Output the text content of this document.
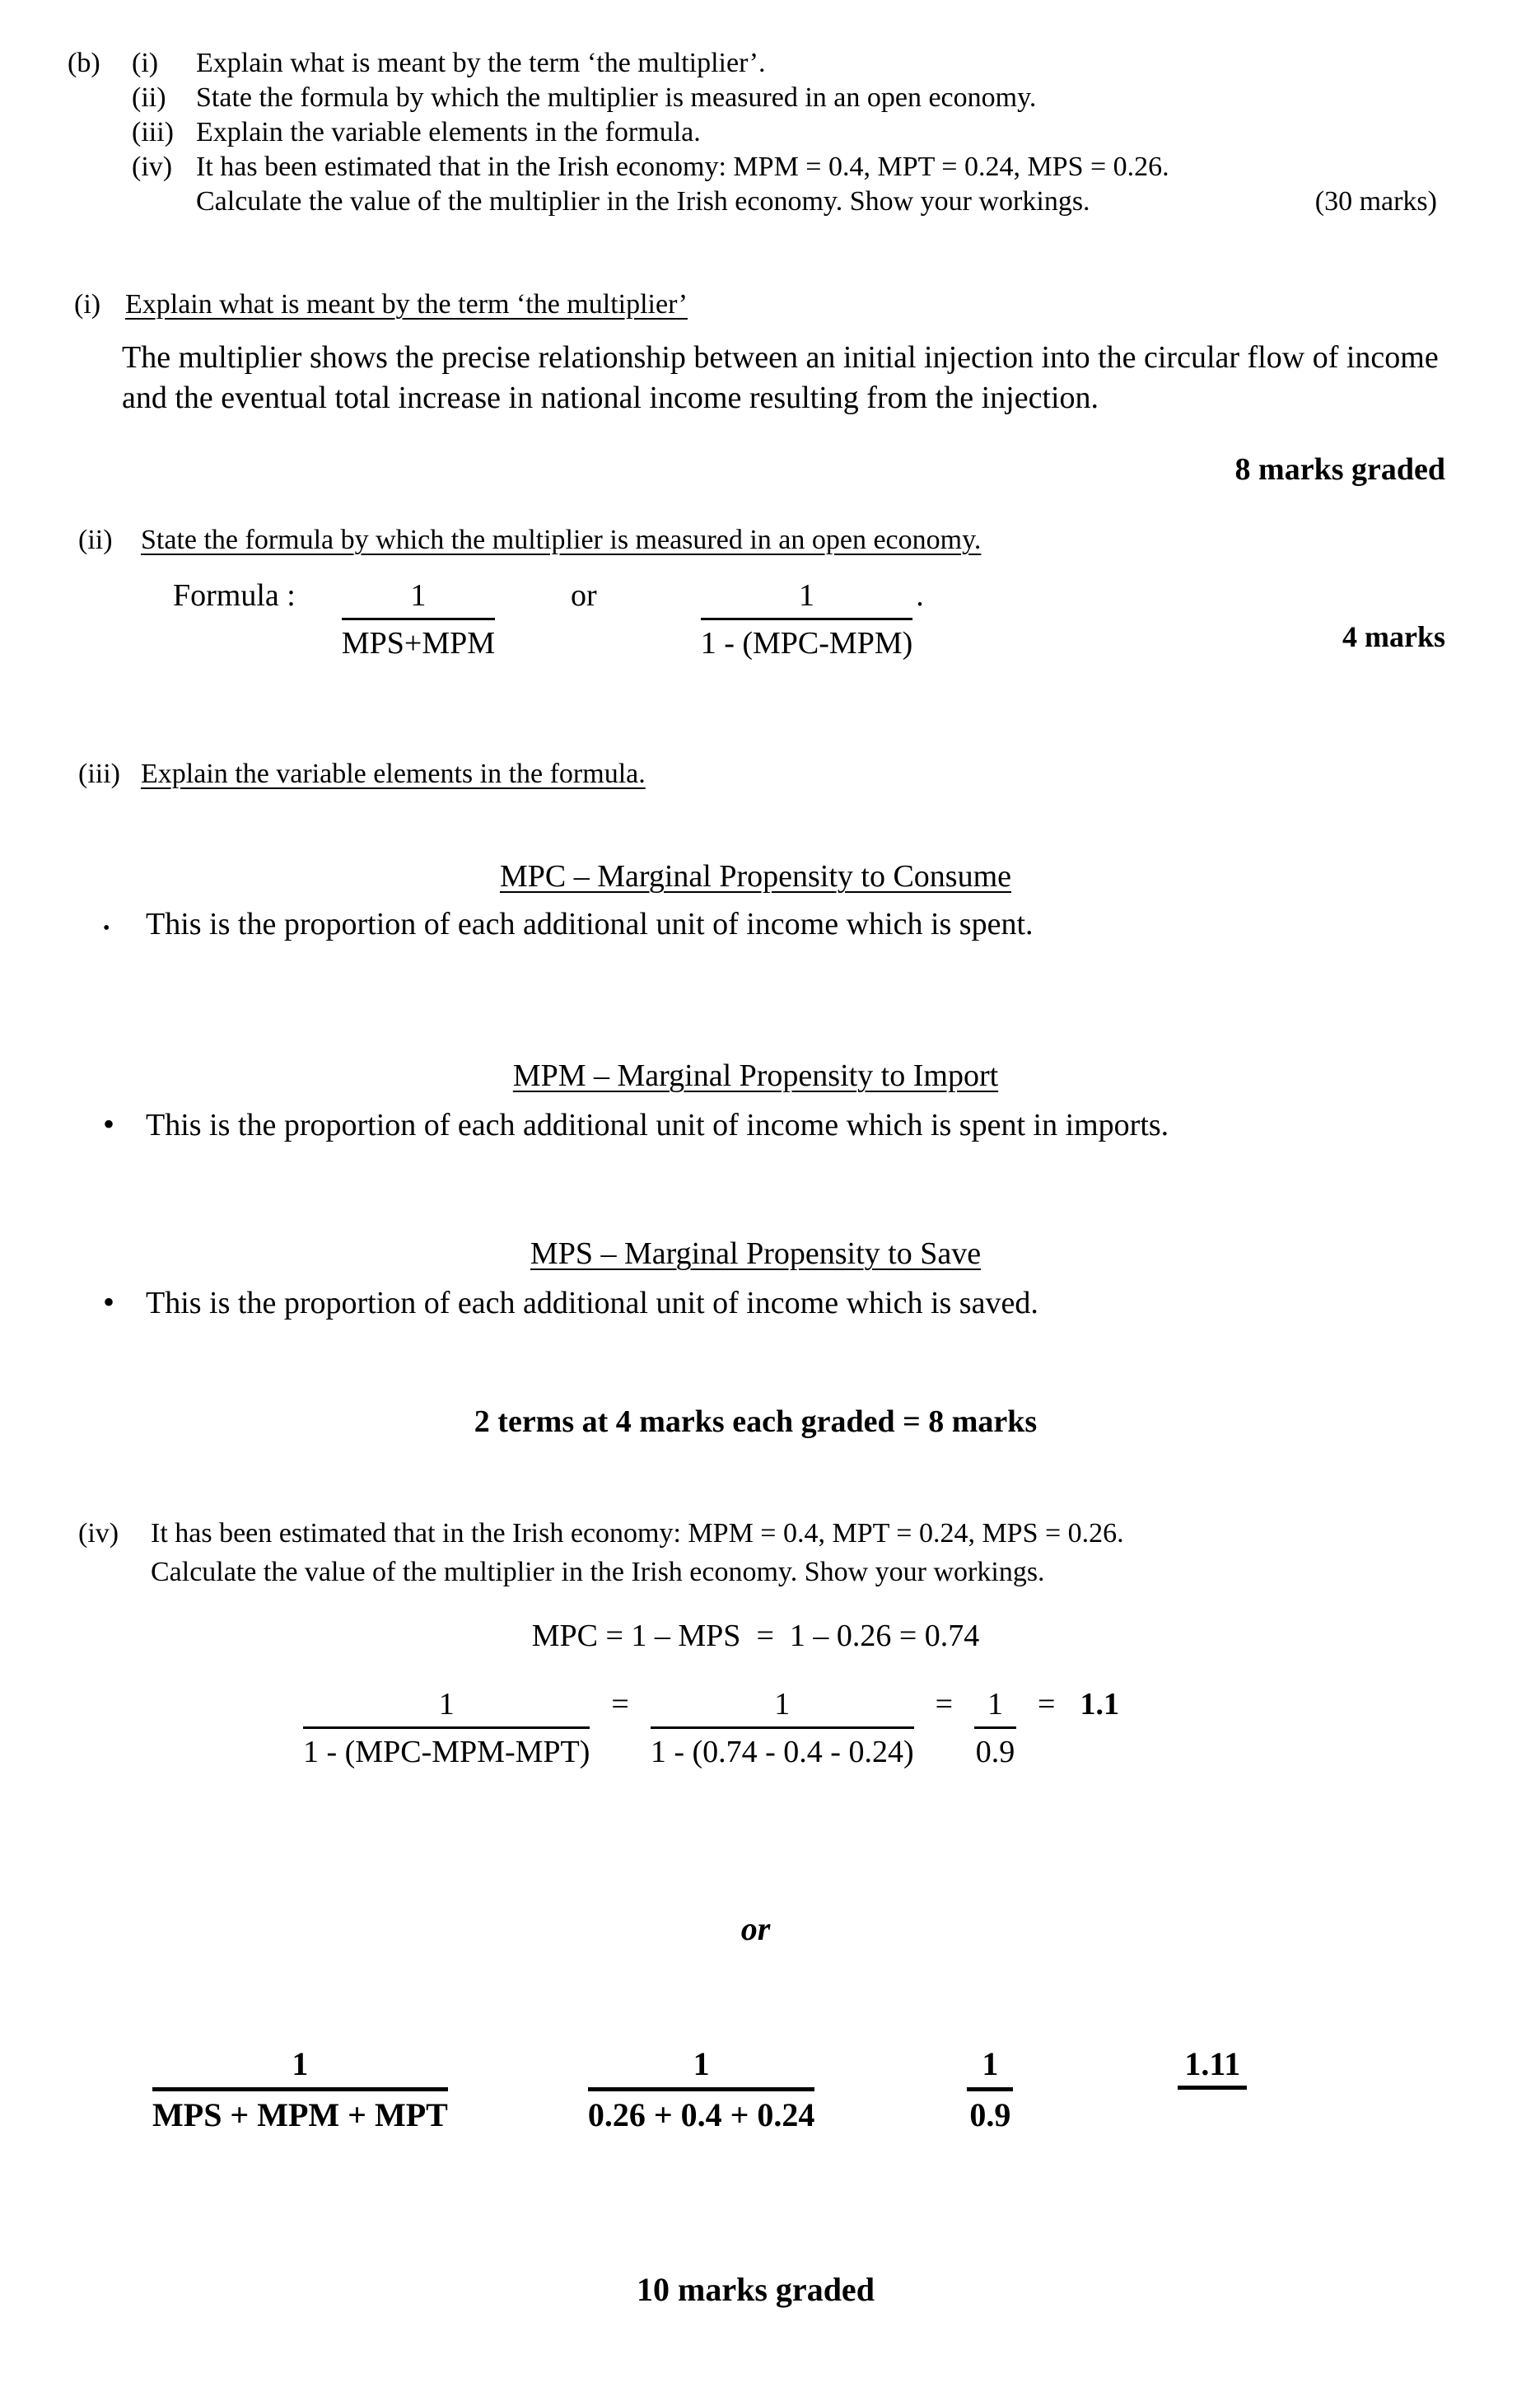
(b)	(i)	Explain what is meant by the term ‘the multiplier’.
(ii)	State the formula by which the multiplier is measured in an open economy.
(iii) Explain the variable elements in the formula.
(iv) It has been estimated that in the Irish economy: MPM = 0.4, MPT = 0.24, MPS = 0.26.
Calculate the value of the multiplier in the Irish economy. Show your workings.	(30 marks)
(i) Explain what is meant by the term ‘the multiplier’

The multiplier shows the precise relationship between an initial injection into the circular flow of income and the eventual total increase in national income resulting from the injection.

8 marks graded
(ii)	State the formula by which the multiplier is measured in an open economy.
Formula : $\frac{1}{\text{MPS+MPM}}$ or	$\frac{1}{\text{1 - (MPC-MPM)}}$ .
4 marks
(iii) Explain the variable elements in the formula.
MPC – Marginal Propensity to Consume
•
This is the proportion of each additional unit of income which is spent.
MPM – Marginal Propensity to Import
•
This is the proportion of each additional unit of income which is spent in imports.
MPS – Marginal Propensity to Save
•
This is the proportion of each additional unit of income which is saved.
2 terms at 4 marks each graded = 8 marks
(iv)	It has been estimated that in the Irish economy: MPM = 0.4, MPT = 0.24, MPS = 0.26.
Calculate the value of the multiplier in the Irish economy. Show your workings.
MPC = 1 – MPS  =  1 – 0.26 = 0.74
$\frac{1}{\text{1 - (MPC-MPM-MPT)}} = \frac{1}{1 - (0.74 - 0.4 - 0.24)} = \frac{1}{0.9} = 1.1$
or
$\frac{1}{\text{MPS + MPM + MPT}}$	$\frac{1}{0.26 + 0.4 + 0.24}$	$\frac{1}{0.9}$	1.11
10 marks graded
